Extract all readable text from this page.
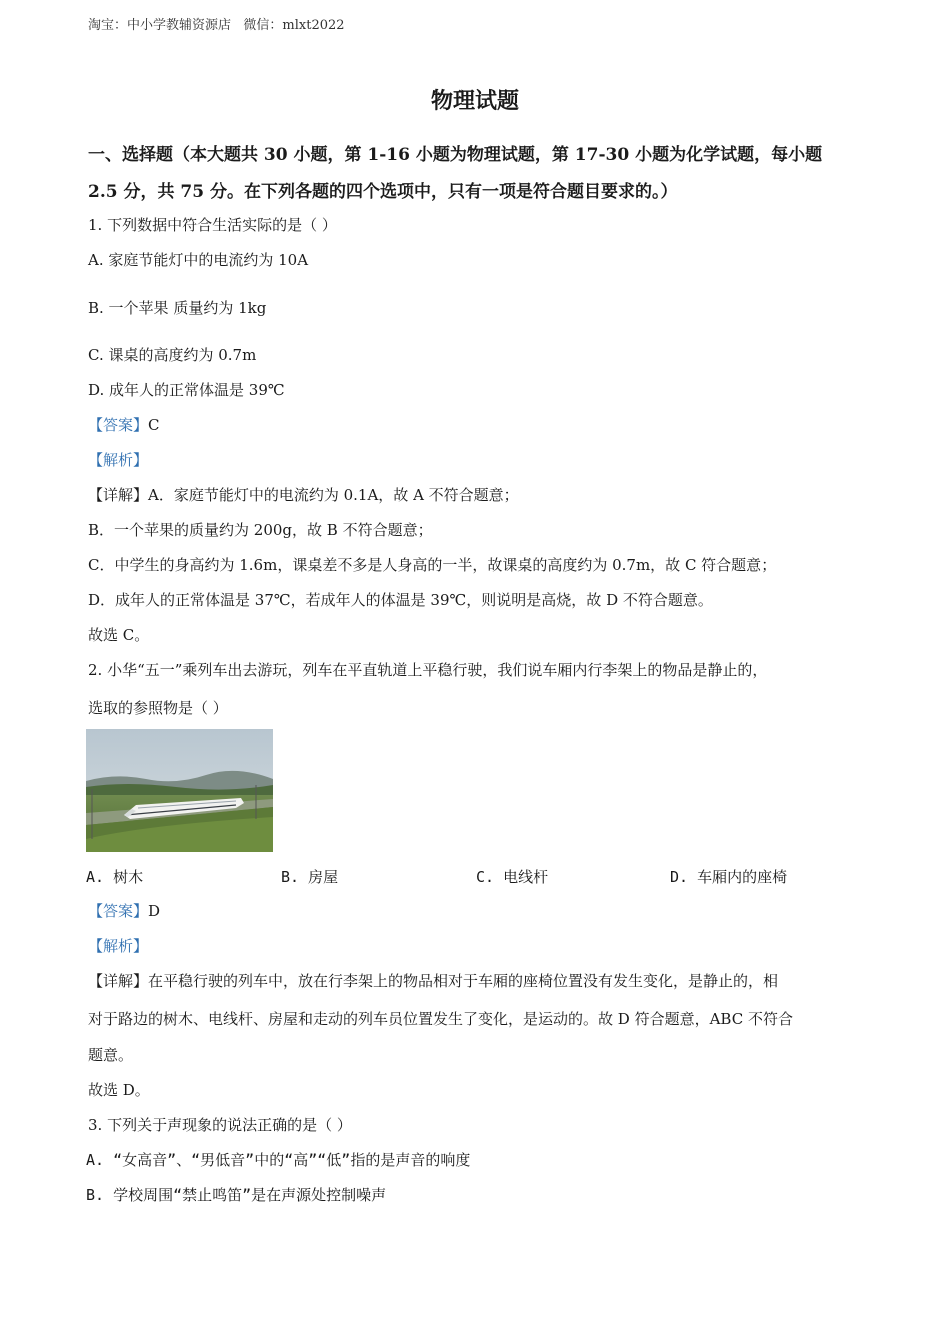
淘宝：中小学教辅资源店   微信：mlxt2022
物理试题
一、选择题（本大题共 30 小题，第 1-16 小题为物理试题，第 17-30 小题为化学试题，每小题
2.5 分，共 75 分。在下列各题的四个选项中，只有一项是符合题目要求的。）
1. 下列数据中符合生活实际的是（ ）
A. 家庭节能灯中的电流约为 10A
B. 一个苹果 质量约为 1kg
C. 课桌的高度约为 0.7m
D. 成年人的正常体温是 39℃
【答案】C
【解析】
【详解】A．家庭节能灯中的电流约为 0.1A，故 A 不符合题意；
B．一个苹果的质量约为 200g，故 B 不符合题意；
C．中学生的身高约为 1.6m，课桌差不多是人身高的一半，故课桌的高度约为 0.7m，故 C 符合题意；
D．成年人的正常体温是 37℃，若成年人的体温是 39℃，则说明是高烧，故 D 不符合题意。
故选 C。
2. 小华“五一”乘列车出去游玩，列车在平直轨道上平稳行驶，我们说车厢内行李架上的物品是静止的，
选取的参照物是（ ）
A. 树木	B. 房屋	C. 电线杆	D. 车厢内的座椅
【答案】D
【解析】
【详解】在平稳行驶的列车中，放在行李架上的物品相对于车厢的座椅位置没有发生变化，是静止的，相
对于路边的树木、电线杆、房屋和走动的列车员位置发生了变化，是运动的。故 D 符合题意，ABC 不符合
题意。
故选 D。
3. 下列关于声现象的说法正确的是（ ）
A. “女高音”、“男低音”中的“高”“低”指的是声音的响度
B. 学校周围“禁止鸣笛”是在声源处控制噪声
